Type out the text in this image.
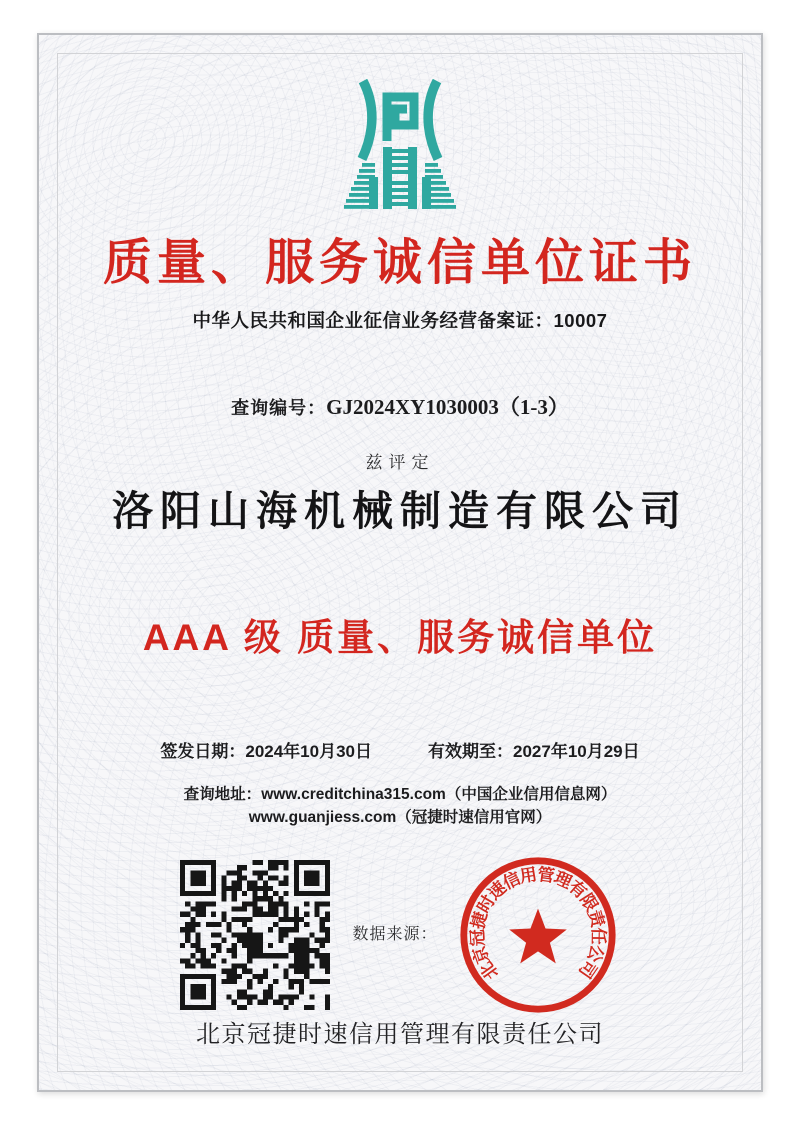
质量、服务诚信单位证书
中华人民共和国企业征信业务经营备案证：10007
查询编号：GJ2024XY1030003（1-3）
兹评定
洛阳山海机械制造有限公司
AAA 级 质量、服务诚信单位
签发日期：2024年10月30日	有效期至：2027年10月29日
查询地址：www.creditchina315.com（中国企业信用信息网）
www.guanjiess.com（冠捷时速信用官网）
数据来源：
北京冠捷时速信用管理有限责任公司
北京冠捷时速信用管理有限责任公司
